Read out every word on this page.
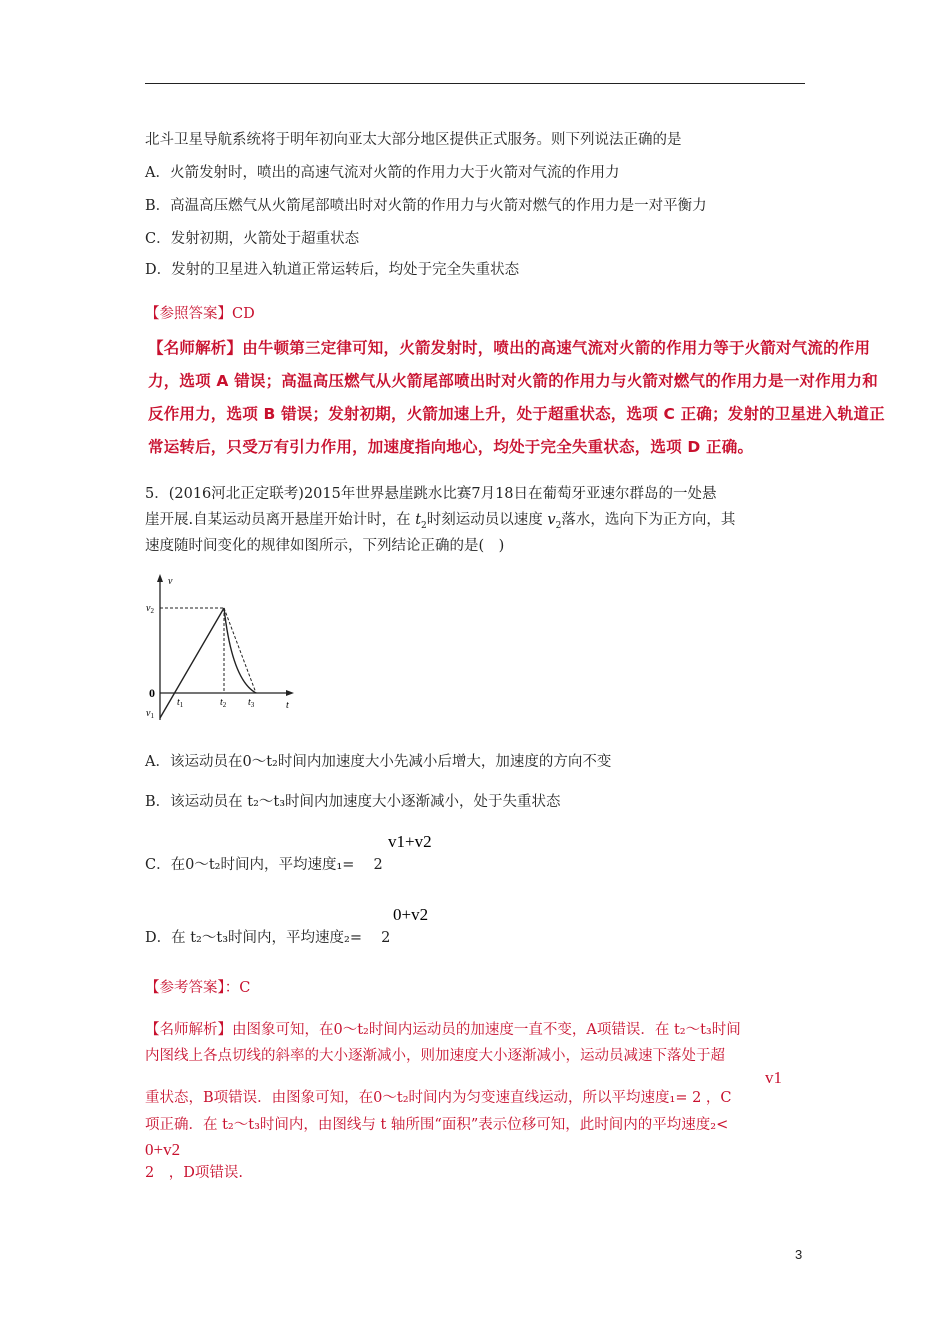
北斗卫星导航系统将于明年初向亚太大部分地区提供正式服务。则下列说法正确的是
A．火箭发射时，喷出的高速气流对火箭的作用力大于火箭对气流的作用力
B．高温高压燃气从火箭尾部喷出时对火箭的作用力与火箭对燃气的作用力是一对平衡力
C．发射初期，火箭处于超重状态
D．发射的卫星进入轨道正常运转后，均处于完全失重状态
【参照答案】CD
【名师解析】由牛顿第三定律可知，火箭发射时，喷出的高速气流对火箭的作用力等于火箭对气流的作用
力，选项 A 错误；高温高压燃气从火箭尾部喷出时对火箭的作用力与火箭对燃气的作用力是一对作用力和
反作用力，选项 B 错误；发射初期，火箭加速上升，处于超重状态，选项 C 正确；发射的卫星进入轨道正
常运转后，只受万有引力作用，加速度指向地心，均处于完全失重状态，选项 D 正确。
5．(2016河北正定联考)2015年世界悬崖跳水比赛7月18日在葡萄牙亚速尔群岛的一处悬
崖开展.自某运动员离开悬崖开始计时，在 $t_2$时刻运动员以速度 $v_2$落水，选向下为正方向，其
速度随时间变化的规律如图所示，下列结论正确的是(　)
v
$v_2$
0
$v_1$
$t_1$	$t_2$ $t_3$	t
A．该运动员在0～t₂时间内加速度大小先减小后增大，加速度的方向不变
B．该运动员在 t₂～t₃时间内加速度大小逐渐减小，处于失重状态
v1+v2
C．在0～t₂时间内，平均速度₁=　 2
0+v2
D．在 t₂～t₃时间内，平均速度₂=　 2
【参考答案】：C
【名师解析】由图象可知，在0～t₂时间内运动员的加速度一直不变，A项错误．在 t₂～t₃时间
内图线上各点切线的斜率的大小逐渐减小，则加速度大小逐渐减小，运动员减速下落处于超
v1
重状态，B项错误．由图象可知，在0～t₂时间内为匀变速直线运动，所以平均速度₁= 2 ，C
项正确．在 t₂～t₃时间内，由图线与 t 轴所围“面积”表示位移可知，此时间内的平均速度₂<
0+v2
2　，D项错误.
3
